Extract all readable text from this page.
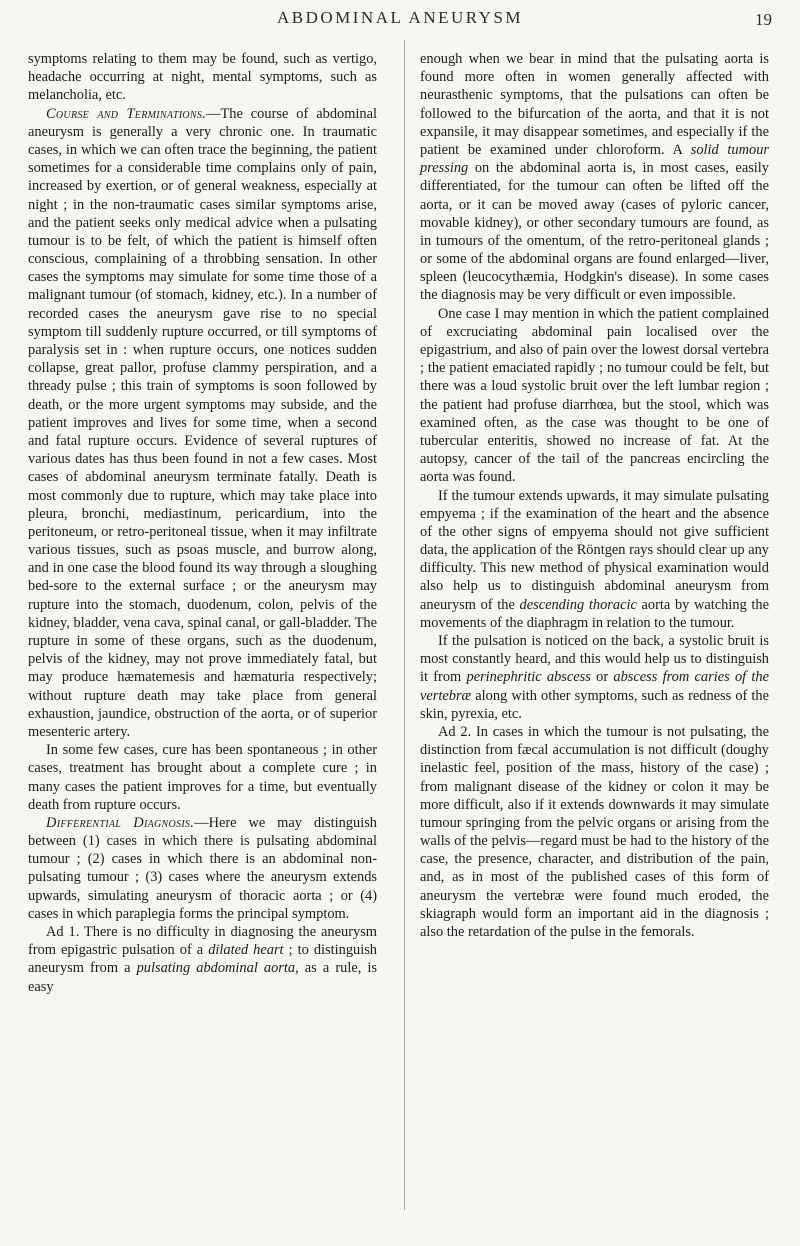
ABDOMINAL ANEURYSM	19

symptoms relating to them may be found, such as vertigo, headache occurring at night, mental symptoms, such as melancholia, etc.

Course and Terminations.—The course of abdominal aneurysm is generally a very chronic one. In traumatic cases, in which we can often trace the beginning, the patient sometimes for a considerable time complains only of pain, increased by exertion, or of general weakness, especially at night ; in the non-traumatic cases similar symptoms arise, and the patient seeks only medical advice when a pulsating tumour is to be felt, of which the patient is himself often conscious, complaining of a throbbing sensation. In other cases the symptoms may simulate for some time those of a malignant tumour (of stomach, kidney, etc.). In a number of recorded cases the aneurysm gave rise to no special symptom till suddenly rupture occurred, or till symptoms of paralysis set in : when rupture occurs, one notices sudden collapse, great pallor, profuse clammy perspiration, and a thready pulse ; this train of symptoms is soon followed by death, or the more urgent symptoms may subside, and the patient improves and lives for some time, when a second and fatal rupture occurs. Evidence of several ruptures of various dates has thus been found in not a few cases. Most cases of abdominal aneurysm terminate fatally. Death is most commonly due to rupture, which may take place into pleura, bronchi, mediastinum, pericardium, into the peritoneum, or retro-peritoneal tissue, when it may infiltrate various tissues, such as psoas muscle, and burrow along, and in one case the blood found its way through a sloughing bed-sore to the external surface ; or the aneurysm may rupture into the stomach, duodenum, colon, pelvis of the kidney, bladder, vena cava, spinal canal, or gall-bladder. The rupture in some of these organs, such as the duodenum, pelvis of the kidney, may not prove immediately fatal, but may produce hæmatemesis and hæmaturia respectively; without rupture death may take place from general exhaustion, jaundice, obstruction of the aorta, or of superior mesenteric artery.

In some few cases, cure has been spontaneous ; in other cases, treatment has brought about a complete cure ; in many cases the patient improves for a time, but eventually death from rupture occurs.

Differential Diagnosis.—Here we may distinguish between (1) cases in which there is pulsating abdominal tumour ; (2) cases in which there is an abdominal non-pulsating tumour ; (3) cases where the aneurysm extends upwards, simulating aneurysm of thoracic aorta ; or (4) cases in which paraplegia forms the principal symptom.

Ad 1. There is no difficulty in diagnosing the aneurysm from epigastric pulsation of a dilated heart ; to distinguish aneurysm from a pulsating abdominal aorta, as a rule, is easy

enough when we bear in mind that the pulsating aorta is found more often in women generally affected with neurasthenic symptoms, that the pulsations can often be followed to the bifurcation of the aorta, and that it is not expansile, it may disappear sometimes, and especially if the patient be examined under chloroform. A solid tumour pressing on the abdominal aorta is, in most cases, easily differentiated, for the tumour can often be lifted off the aorta, or it can be moved away (cases of pyloric cancer, movable kidney), or other secondary tumours are found, as in tumours of the omentum, of the retro-peritoneal glands ; or some of the abdominal organs are found enlarged—liver, spleen (leucocythæmia, Hodgkin's disease). In some cases the diagnosis may be very difficult or even impossible.

One case I may mention in which the patient complained of excruciating abdominal pain localised over the epigastrium, and also of pain over the lowest dorsal vertebra ; the patient emaciated rapidly ; no tumour could be felt, but there was a loud systolic bruit over the left lumbar region ; the patient had profuse diarrhœa, but the stool, which was examined often, as the case was thought to be one of tubercular enteritis, showed no increase of fat. At the autopsy, cancer of the tail of the pancreas encircling the aorta was found.

If the tumour extends upwards, it may simulate pulsating empyema ; if the examination of the heart and the absence of the other signs of empyema should not give sufficient data, the application of the Röntgen rays should clear up any difficulty. This new method of physical examination would also help us to distinguish abdominal aneurysm from aneurysm of the descending thoracic aorta by watching the movements of the diaphragm in relation to the tumour.

If the pulsation is noticed on the back, a systolic bruit is most constantly heard, and this would help us to distinguish it from perinephritic abscess or abscess from caries of the vertebræ along with other symptoms, such as redness of the skin, pyrexia, etc.

Ad 2. In cases in which the tumour is not pulsating, the distinction from fæcal accumulation is not difficult (doughy inelastic feel, position of the mass, history of the case) ; from malignant disease of the kidney or colon it may be more difficult, also if it extends downwards it may simulate tumour springing from the pelvic organs or arising from the walls of the pelvis—regard must be had to the history of the case, the presence, character, and distribution of the pain, and, as in most of the published cases of this form of aneurysm the vertebræ were found much eroded, the skiagraph would form an important aid in the diagnosis ; also the retardation of the pulse in the femorals.
